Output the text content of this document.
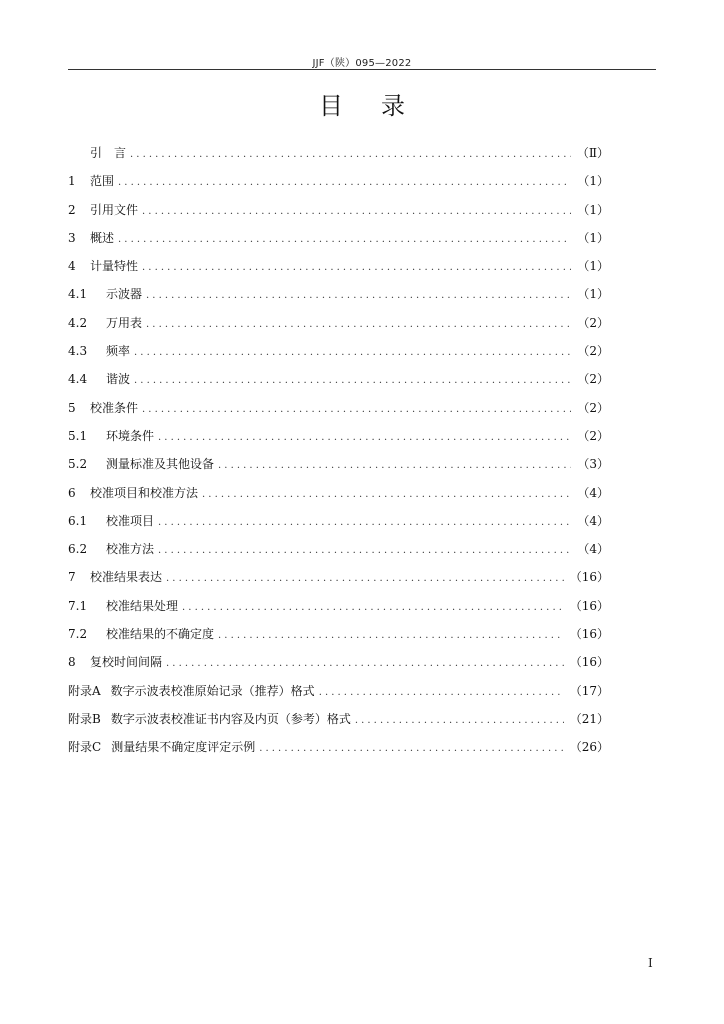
JJF（陕）095—2022
目录
引　言 .....	（Ⅱ）
1 范围 .....	（1）
2 引用文件 .....	（1）
3 概述 .....	（1）
4 计量特性 .....	（1）
4.1 示波器 .....	（1）
4.2 万用表 .....	（2）
4.3 频率 .....	（2）
4.4 谐波 .....	（2）
5 校准条件 .....	（2）
5.1 环境条件 .....	（2）
5.2 测量标准及其他设备 .....	（3）
6 校准项目和校准方法 .....	（4）
6.1 校准项目 .....	（4）
6.2 校准方法 .....	（4）
7 校准结果表达 .....	（16）
7.1 校准结果处理 .....	（16）
7.2 校准结果的不确定度 .....	（16）
8 复校时间间隔 .....	（16）
附录A 数字示波表校准原始记录（推荐）格式 .....	（17）
附录B 数字示波表校准证书内容及内页（参考）格式 .....	（21）
附录C 测量结果不确定度评定示例 .....	（26）
I
